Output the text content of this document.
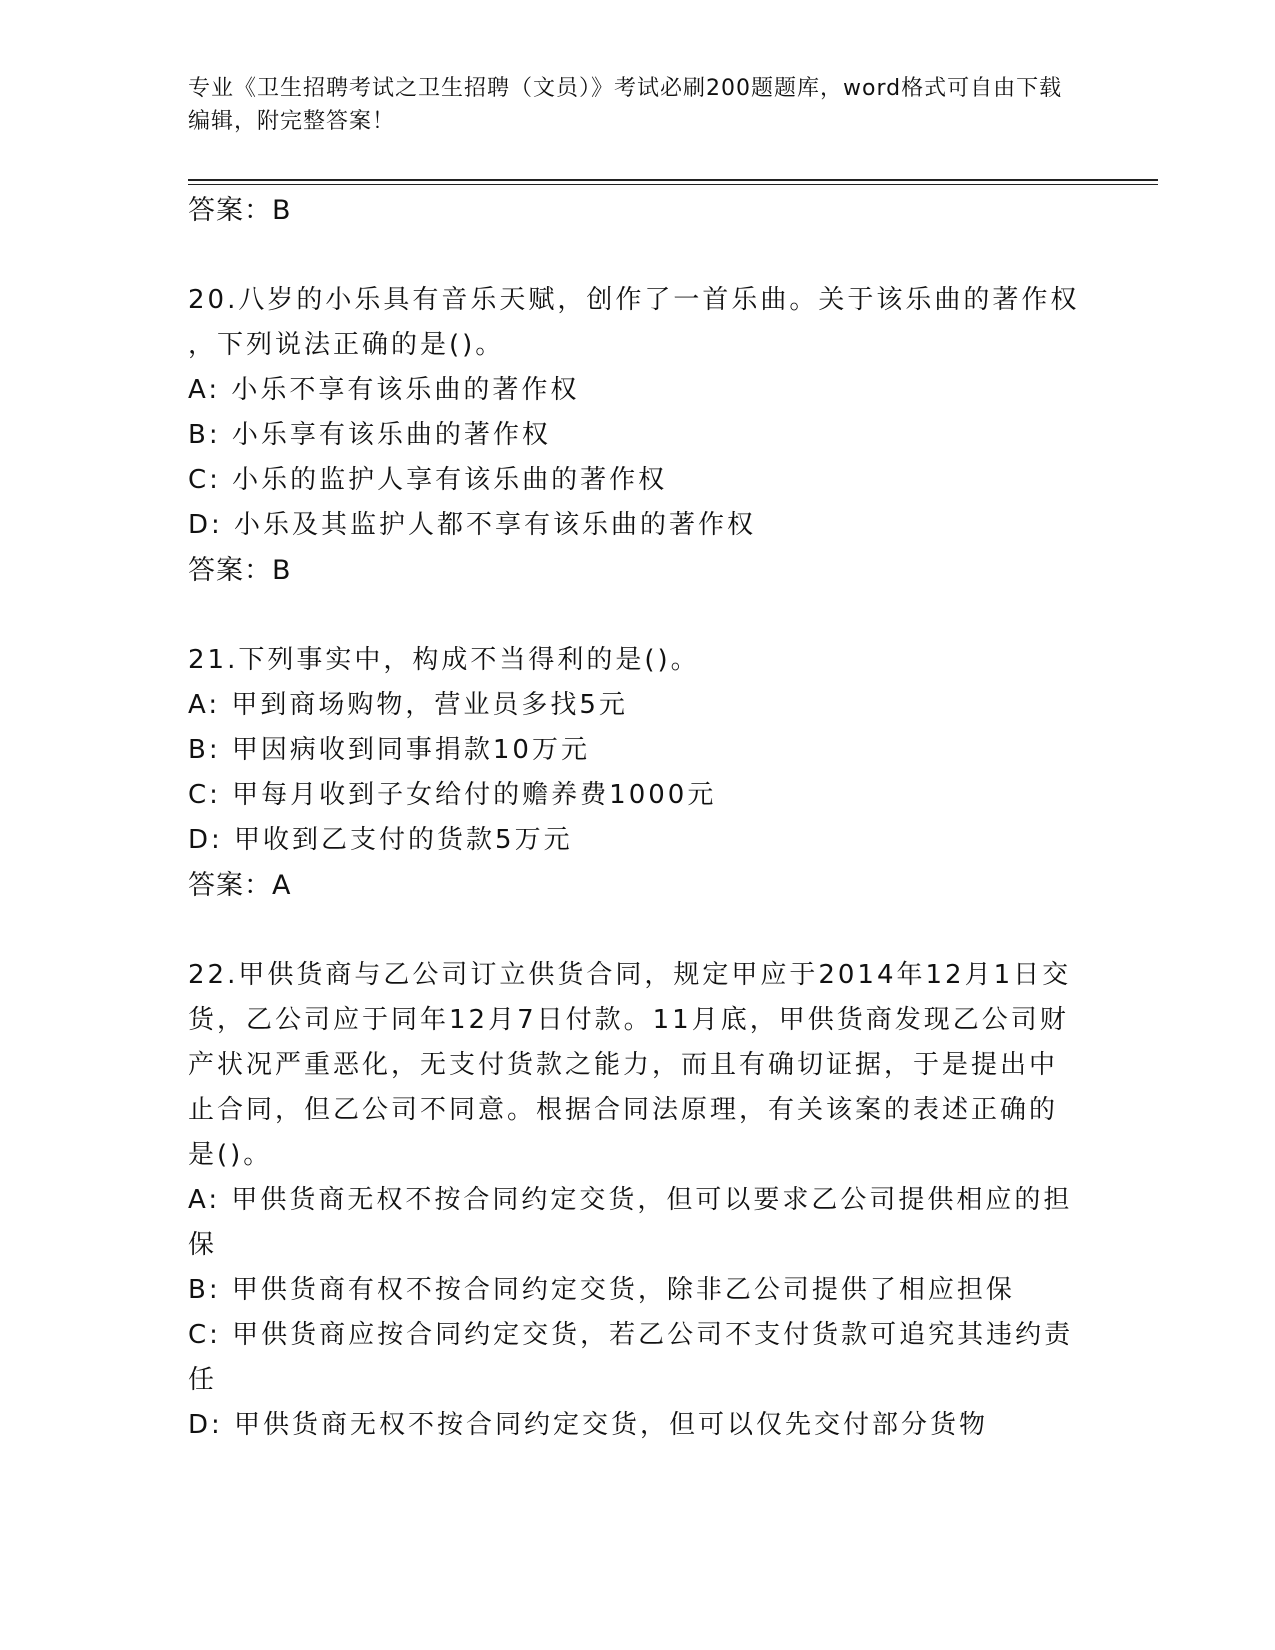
专业《卫生招聘考试之卫生招聘（文员）》考试必刷200题题库，word格式可自由下载编辑，附完整答案！
答案：B
20.八岁的小乐具有音乐天赋，创作了一首乐曲。关于该乐曲的著作权
，下列说法正确的是()。
A: 小乐不享有该乐曲的著作权
B: 小乐享有该乐曲的著作权
C: 小乐的监护人享有该乐曲的著作权
D: 小乐及其监护人都不享有该乐曲的著作权
答案：B
21.下列事实中，构成不当得利的是()。
A: 甲到商场购物，营业员多找5元
B: 甲因病收到同事捐款10万元
C: 甲每月收到子女给付的赡养费1000元
D: 甲收到乙支付的货款5万元
答案：A
22.甲供货商与乙公司订立供货合同，规定甲应于2014年12月1日交
货，乙公司应于同年12月7日付款。11月底，甲供货商发现乙公司财
产状况严重恶化，无支付货款之能力，而且有确切证据，于是提出中
止合同，但乙公司不同意。根据合同法原理，有关该案的表述正确的
是()。
A: 甲供货商无权不按合同约定交货，但可以要求乙公司提供相应的担
保
B: 甲供货商有权不按合同约定交货，除非乙公司提供了相应担保
C: 甲供货商应按合同约定交货，若乙公司不支付货款可追究其违约责
任
D: 甲供货商无权不按合同约定交货，但可以仅先交付部分货物
